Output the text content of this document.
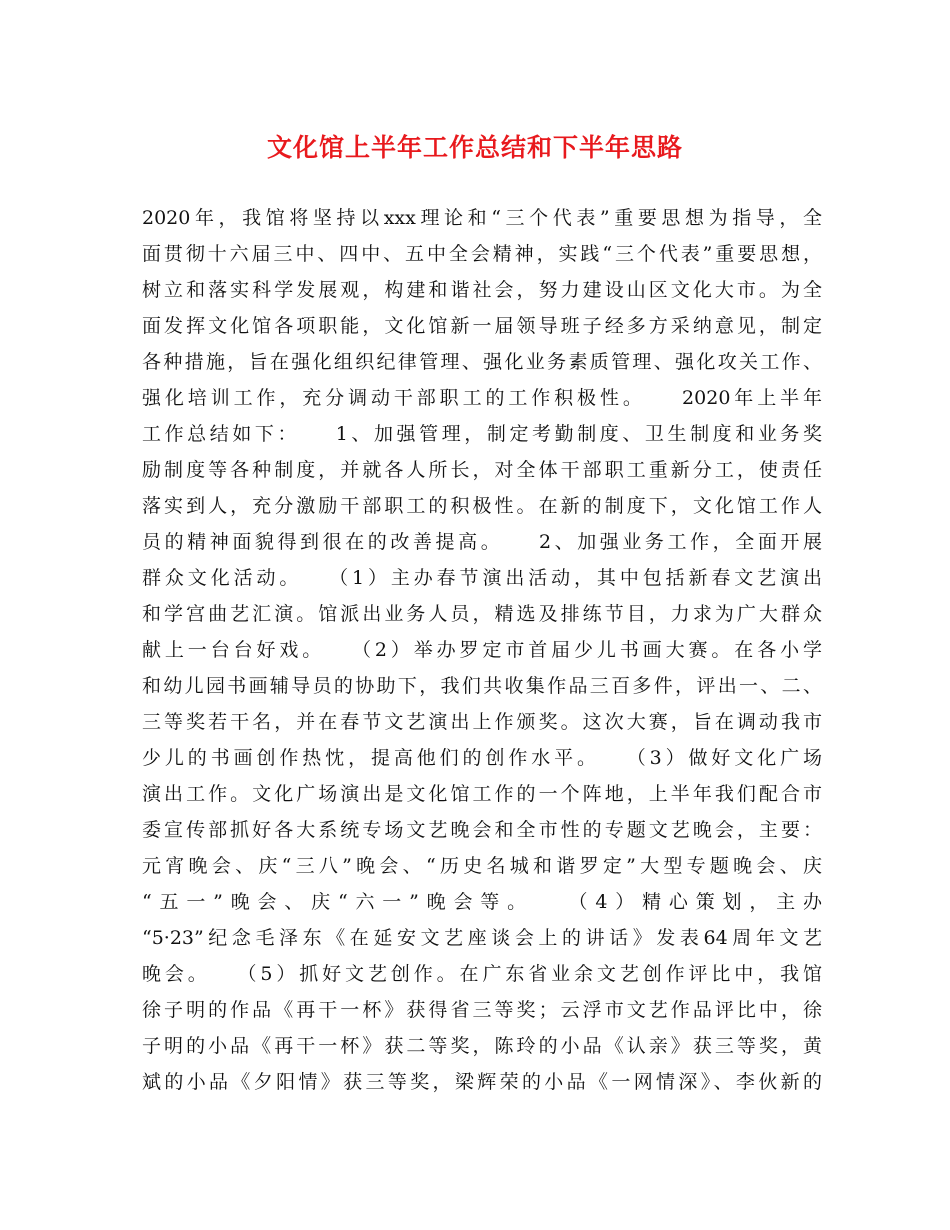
文化馆上半年工作总结和下半年思路
2020年，我馆将坚持以xxx理论和“三个代表”重要思想为指导，全
面贯彻十六届三中、四中、五中全会精神，实践“三个代表”重要思想，
树立和落实科学发展观，构建和谐社会，努力建设山区文化大市。为全
面发挥文化馆各项职能，文化馆新一届领导班子经多方采纳意见，制定
各种措施，旨在强化组织纪律管理、强化业务素质管理、强化攻关工作、
强化培训工作，充分调动干部职工的工作积极性。　　2020年上半年
工作总结如下：　　1、加强管理，制定考勤制度、卫生制度和业务奖
励制度等各种制度，并就各人所长，对全体干部职工重新分工，使责任
落实到人，充分激励干部职工的积极性。在新的制度下，文化馆工作人
员的精神面貌得到很在的改善提高。　　2、加强业务工作，全面开展
群众文化活动。　　（1）主办春节演出活动，其中包括新春文艺演出
和学宫曲艺汇演。馆派出业务人员，精选及排练节目，力求为广大群众
献上一台台好戏。　　（2）举办罗定市首届少儿书画大赛。在各小学
和幼儿园书画辅导员的协助下，我们共收集作品三百多件，评出一、二、
三等奖若干名，并在春节文艺演出上作颁奖。这次大赛，旨在调动我市
少儿的书画创作热忱，提高他们的创作水平。　　（3）做好文化广场
演出工作。文化广场演出是文化馆工作的一个阵地，上半年我们配合市
委宣传部抓好各大系统专场文艺晚会和全市性的专题文艺晚会，主要：
元宵晚会、庆“三八”晚会、“历史名城和谐罗定”大型专题晚会、庆
“五一”晚会、庆“六一”晚会等。　　（4）精心策划，主办
“5·23”纪念毛泽东《在延安文艺座谈会上的讲话》发表64周年文艺
晚会。　　（5）抓好文艺创作。在广东省业余文艺创作评比中，我馆
徐子明的作品《再干一杯》获得省三等奖；云浮市文艺作品评比中，徐
子明的小品《再干一杯》获二等奖，陈玲的小品《认亲》获三等奖，黄
斌的小品《夕阳情》获三等奖，梁辉荣的小品《一网情深》、李伙新的
